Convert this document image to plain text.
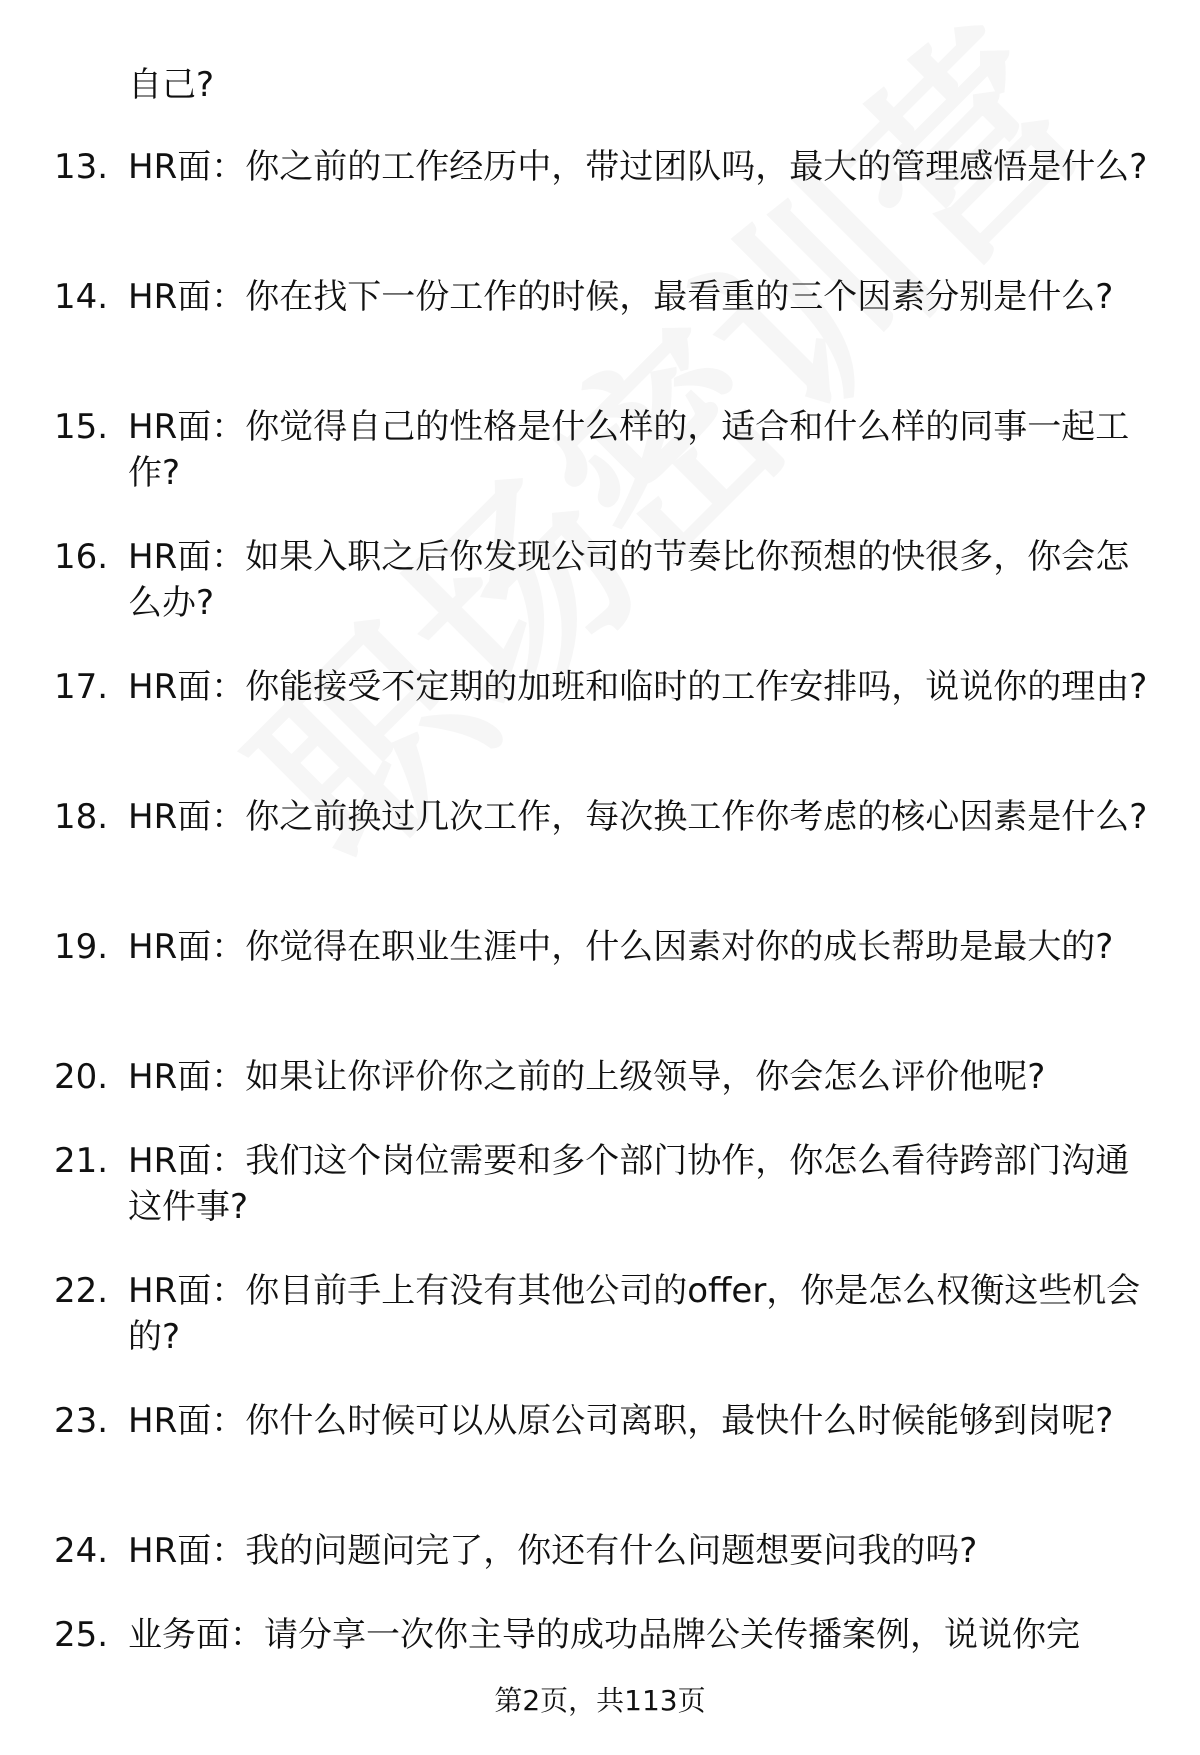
自己?
13. HR面：你之前的工作经历中，带过团队吗，最大的管理感悟是什么?
14. HR面：你在找下一份工作的时候，最看重的三个因素分别是什么?
15. HR面：你觉得自己的性格是什么样的，适合和什么样的同事一起工作?
16. HR面：如果入职之后你发现公司的节奏比你预想的快很多，你会怎么办?
17. HR面：你能接受不定期的加班和临时的工作安排吗，说说你的理由?
18. HR面：你之前换过几次工作，每次换工作你考虑的核心因素是什么?
19. HR面：你觉得在职业生涯中，什么因素对你的成长帮助是最大的?
20. HR面：如果让你评价你之前的上级领导，你会怎么评价他呢?
21. HR面：我们这个岗位需要和多个部门协作，你怎么看待跨部门沟通这件事?
22. HR面：你目前手上有没有其他公司的offer，你是怎么权衡这些机会的?
23. HR面：你什么时候可以从原公司离职，最快什么时候能够到岗呢?
24. HR面：我的问题问完了，你还有什么问题想要问我的吗?
25. 业务面：请分享一次你主导的成功品牌公关传播案例，说说你完
第2页，共113页
